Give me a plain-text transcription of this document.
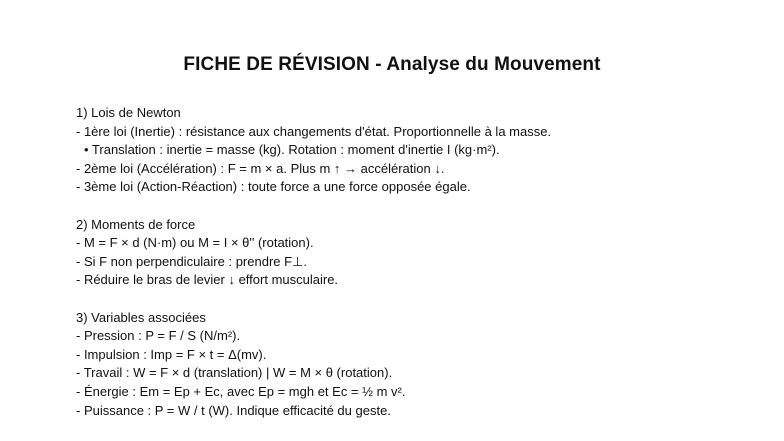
FICHE DE RÉVISION - Analyse du Mouvement
1) Lois de Newton
- 1ère loi (Inertie) : résistance aux changements d'état. Proportionnelle à la masse.
• Translation : inertie = masse (kg). Rotation : moment d'inertie I (kg·m²).
- 2ème loi (Accélération) : F = m × a. Plus m ↑ → accélération ↓.
- 3ème loi (Action-Réaction) : toute force a une force opposée égale.
2) Moments de force
- M = F × d (N·m) ou M = I × θ'' (rotation).
- Si F non perpendiculaire : prendre F⊥.
- Réduire le bras de levier ↓ effort musculaire.
3) Variables associées
- Pression : P = F / S (N/m²).
- Impulsion : Imp = F × t = Δ(mv).
- Travail : W = F × d (translation) | W = M × θ (rotation).
- Énergie : Em = Ep + Ec, avec Ep = mgh et Ec = ½ m v².
- Puissance : P = W / t (W). Indique efficacité du geste.
